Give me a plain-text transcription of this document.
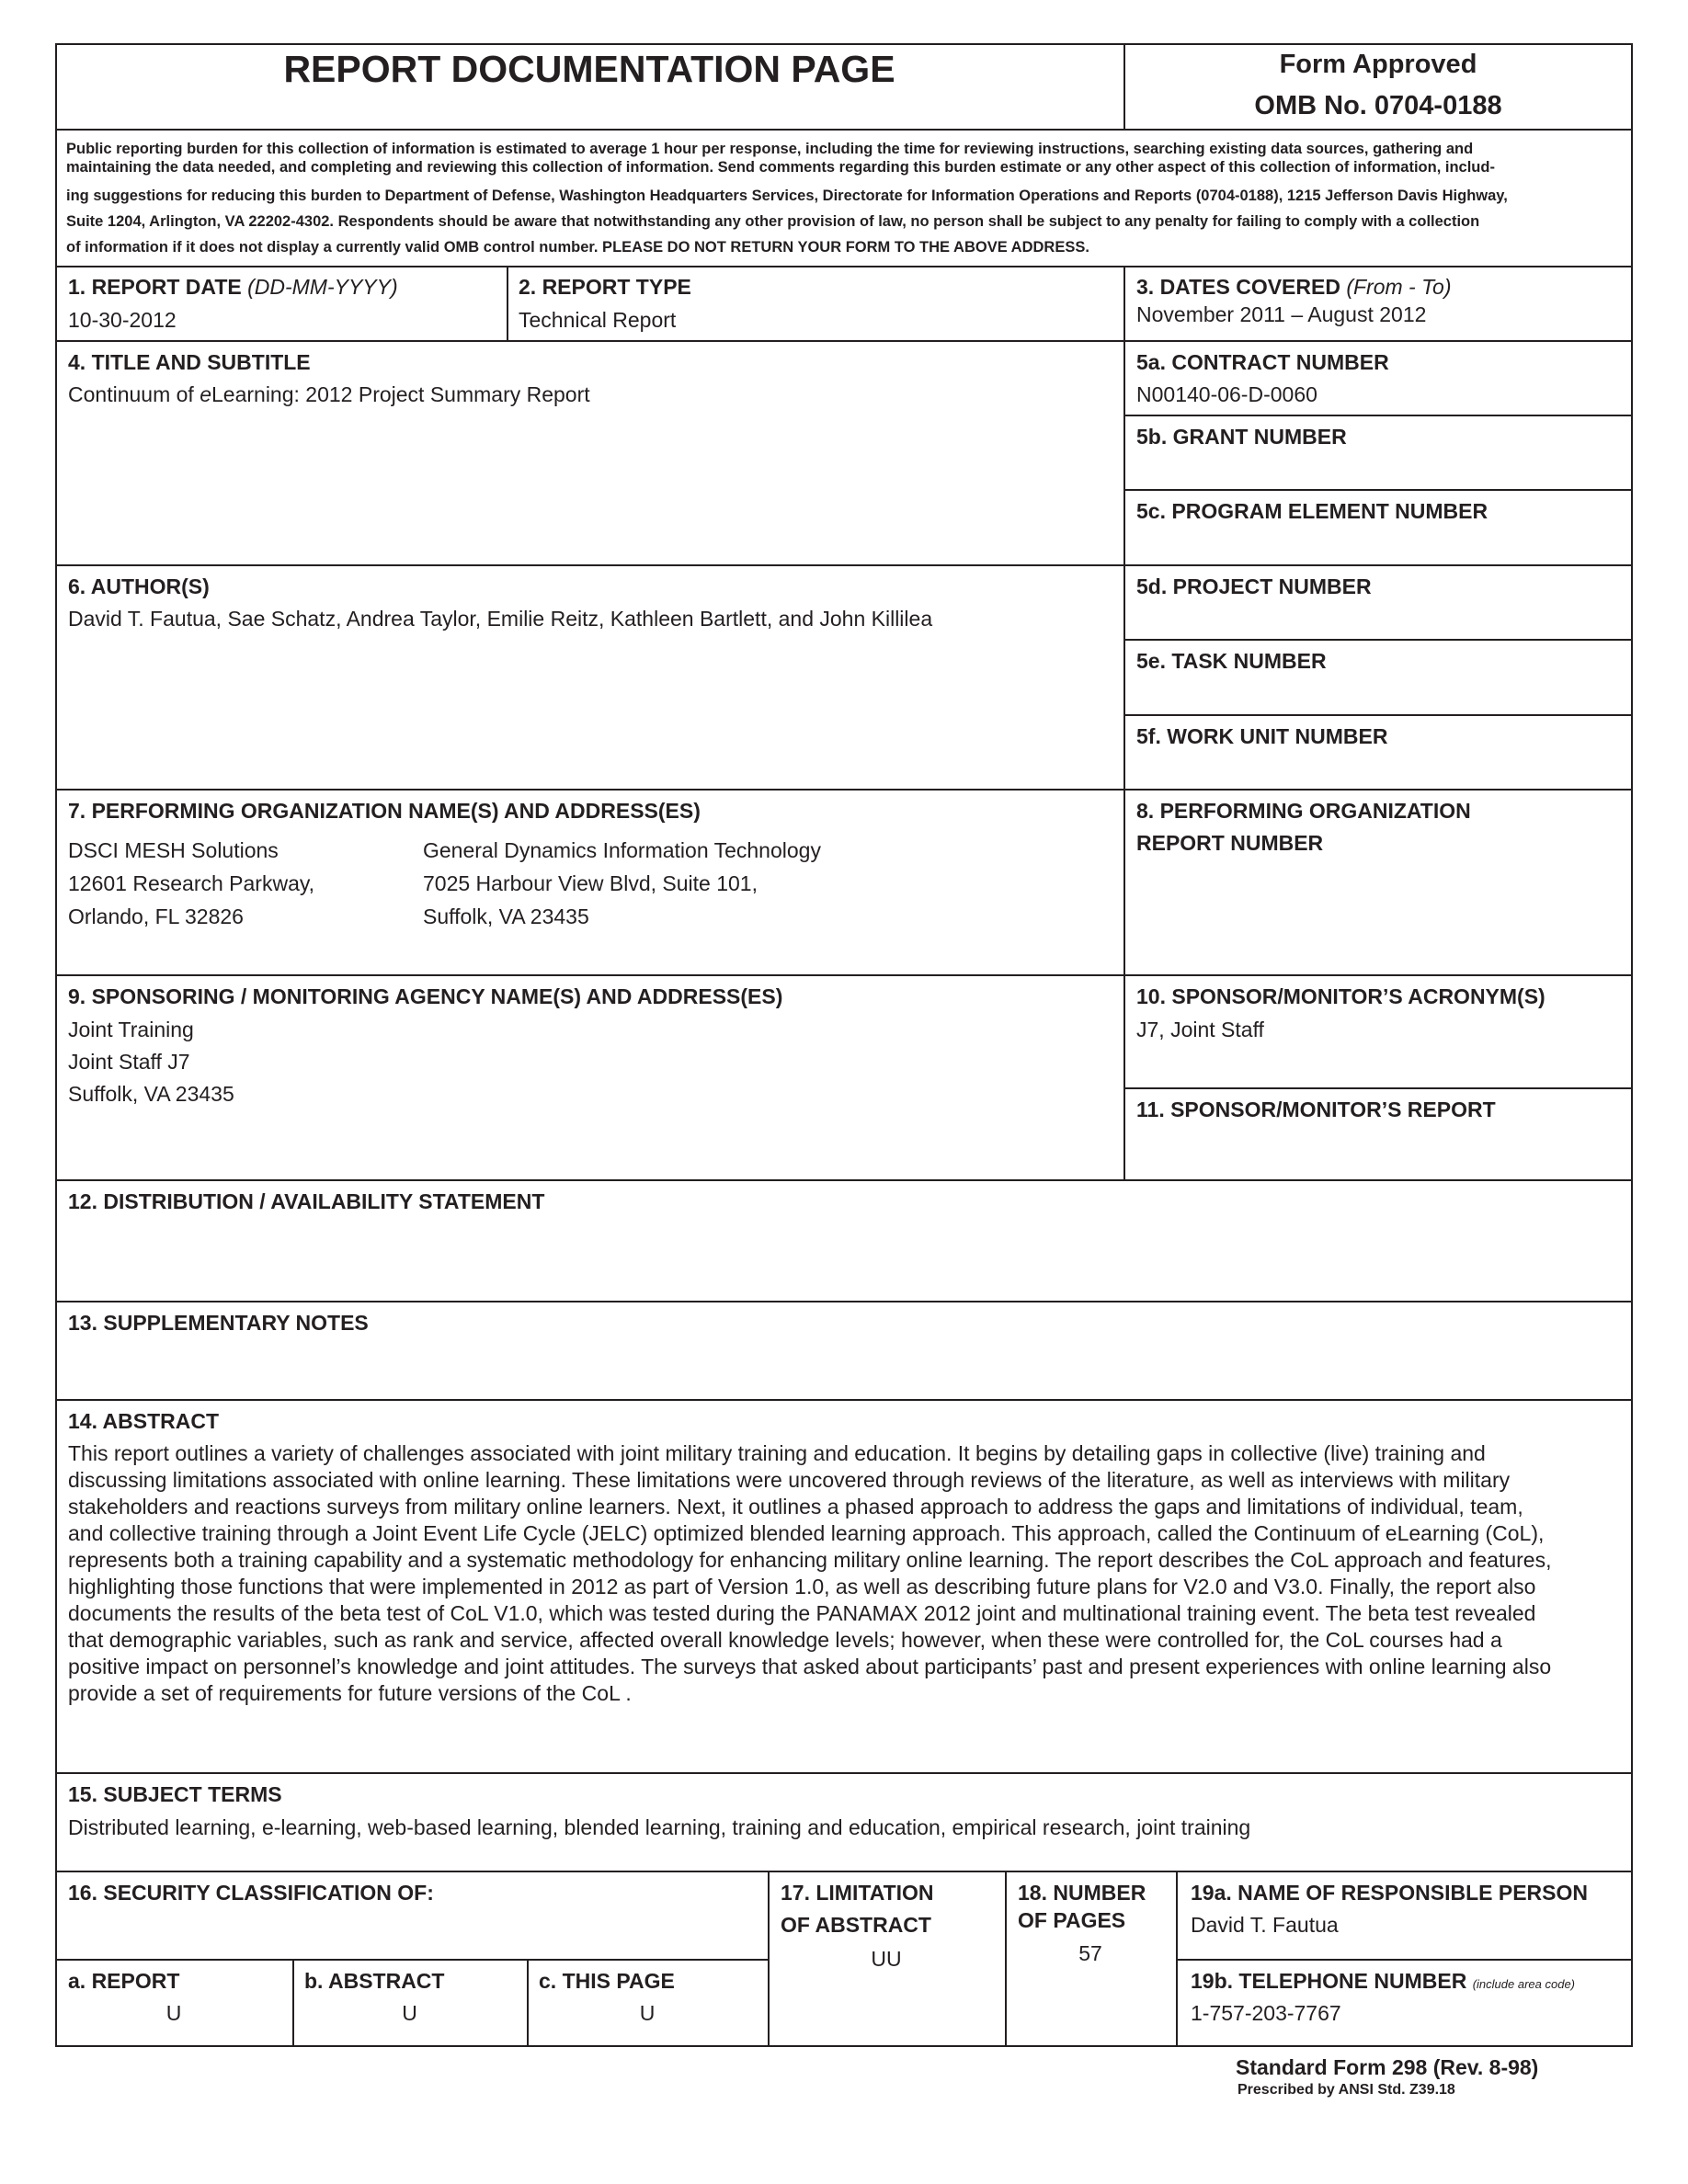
REPORT DOCUMENTATION PAGE	Form Approved
OMB No. 0704-0188
Public reporting burden for this collection of information is estimated to average 1 hour per response, including the time for reviewing instructions, searching existing data sources, gathering and
maintaining the data needed, and completing and reviewing this collection of information. Send comments regarding this burden estimate or any other aspect of this collection of information, includ-
ing suggestions for reducing this burden to Department of Defense, Washington Headquarters Services, Directorate for Information Operations and Reports (0704-0188), 1215 Jefferson Davis Highway,
Suite 1204, Arlington, VA 22202-4302. Respondents should be aware that notwithstanding any other provision of law, no person shall be subject to any penalty for failing to comply with a collection
of information if it does not display a currently valid OMB control number. PLEASE DO NOT RETURN YOUR FORM TO THE ABOVE ADDRESS.
1. REPORT DATE (DD-MM-YYYY)
10-30-2012
2. REPORT TYPE
Technical Report
3. DATES COVERED (From - To)
November 2011 – August 2012
4. TITLE AND SUBTITLE
Continuum of eLearning: 2012 Project Summary Report
5a. CONTRACT NUMBER
N00140-06-D-0060
5b. GRANT NUMBER
5c. PROGRAM ELEMENT NUMBER
6. AUTHOR(S)
David T. Fautua, Sae Schatz, Andrea Taylor, Emilie Reitz, Kathleen Bartlett, and John Killilea
5d. PROJECT NUMBER
5e. TASK NUMBER
5f. WORK UNIT NUMBER
7. PERFORMING ORGANIZATION NAME(S) AND ADDRESS(ES)
DSCI MESH Solutions
12601 Research Parkway,
Orlando, FL 32826
General Dynamics Information Technology
7025 Harbour View Blvd, Suite 101,
Suffolk, VA 23435
8. PERFORMING ORGANIZATION
REPORT NUMBER
9. SPONSORING / MONITORING AGENCY NAME(S) AND ADDRESS(ES)
Joint Training
Joint Staff J7
Suffolk, VA 23435
10. SPONSOR/MONITOR’S ACRONYM(S)
J7, Joint Staff
11. SPONSOR/MONITOR’S REPORT
12. DISTRIBUTION / AVAILABILITY STATEMENT
13. SUPPLEMENTARY NOTES
14. ABSTRACT
This report outlines a variety of challenges associated with joint military training and education. It begins by detailing gaps in collective (live) training and
discussing limitations associated with online learning. These limitations were uncovered through reviews of the literature, as well as interviews with military
stakeholders and reactions surveys from military online learners. Next, it outlines a phased approach to address the gaps and limitations of individual, team,
and collective training through a Joint Event Life Cycle (JELC) optimized blended learning approach. This approach, called the Continuum of eLearning (CoL),
represents both a training capability and a systematic methodology for enhancing military online learning. The report describes the CoL approach and features,
highlighting those functions that were implemented in 2012 as part of Version 1.0, as well as describing future plans for V2.0 and V3.0. Finally, the report also
documents the results of the beta test of CoL V1.0, which was tested during the PANAMAX 2012 joint and multinational training event. The beta test revealed
that demographic variables, such as rank and service, affected overall knowledge levels; however, when these were controlled for, the CoL courses had a
positive impact on personnel’s knowledge and joint attitudes. The surveys that asked about participants’ past and present experiences with online learning also
provide a set of requirements for future versions of the CoL .
15. SUBJECT TERMS
Distributed learning, e-learning, web-based learning, blended learning, training and education, empirical research, joint training
16. SECURITY CLASSIFICATION OF:
a. REPORT
U
b. ABSTRACT
U
c. THIS PAGE
U
17. LIMITATION
OF ABSTRACT
UU
18. NUMBER
OF PAGES
57
19a. NAME OF RESPONSIBLE PERSON
David T. Fautua
19b. TELEPHONE NUMBER (include area code)
1-757-203-7767
Standard Form 298 (Rev. 8-98)
Prescribed by ANSI Std. Z39.18
